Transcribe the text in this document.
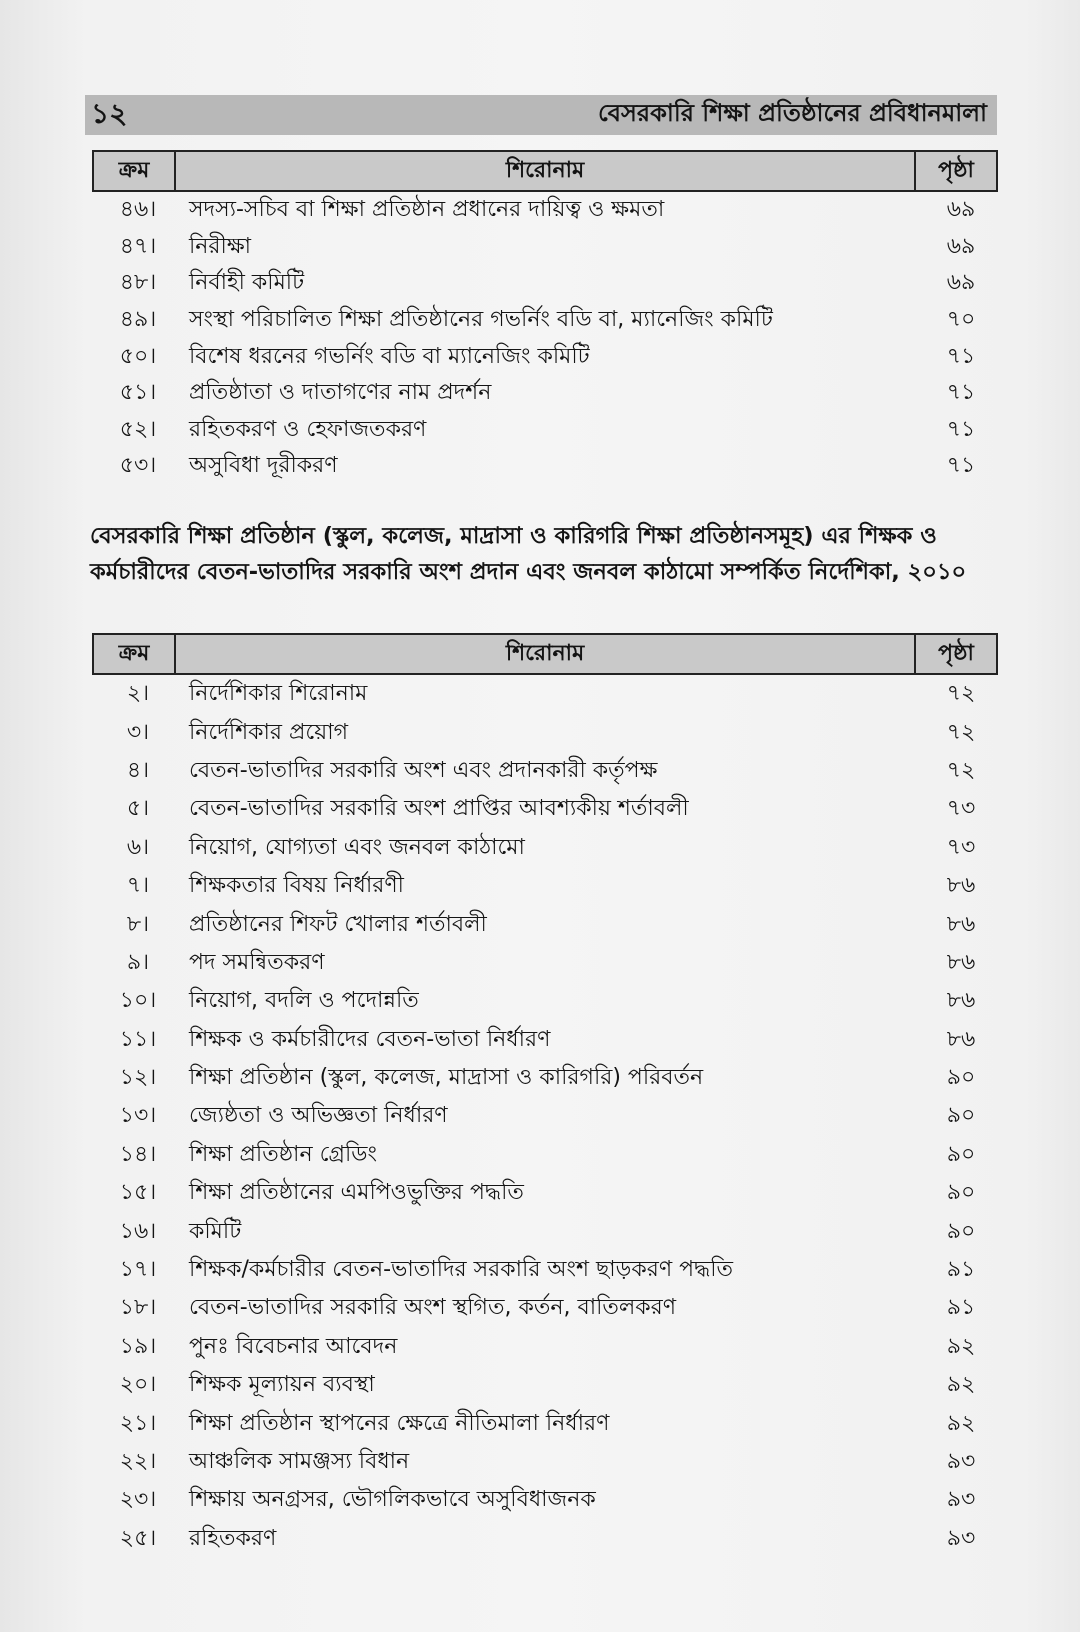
১২	বেসরকারি শিক্ষা প্রতিষ্ঠানের প্রবিধানমালা
ক্রম	শিরোনাম	পৃষ্ঠা
৪৬।	সদস্য-সচিব বা শিক্ষা প্রতিষ্ঠান প্রধানের দায়িত্ব ও ক্ষমতা	৬৯
৪৭।	নিরীক্ষা	৬৯
৪৮।	নির্বাহী কমিটি	৬৯
৪৯।	সংস্থা পরিচালিত শিক্ষা প্রতিষ্ঠানের গভর্নিং বডি বা, ম্যানেজিং কমিটি	৭০
৫০।	বিশেষ ধরনের গভর্নিং বডি বা ম্যানেজিং কমিটি	৭১
৫১।	প্রতিষ্ঠাতা ও দাতাগণের নাম প্রদর্শন	৭১
৫২।	রহিতকরণ ও হেফাজতকরণ	৭১
৫৩।	অসুবিধা দূরীকরণ	৭১

বেসরকারি শিক্ষা প্রতিষ্ঠান (স্কুল, কলেজ, মাদ্রাসা ও কারিগরি শিক্ষা প্রতিষ্ঠানসমূহ) এর শিক্ষক ও কর্মচারীদের বেতন-ভাতাদির সরকারি অংশ প্রদান এবং জনবল কাঠামো সম্পর্কিত নির্দেশিকা, ২০১০

ক্রম	শিরোনাম	পৃষ্ঠা
২।	নির্দেশিকার শিরোনাম	৭২
৩।	নির্দেশিকার প্রয়োগ	৭২
৪।	বেতন-ভাতাদির সরকারি অংশ এবং প্রদানকারী কর্তৃপক্ষ	৭২
৫।	বেতন-ভাতাদির সরকারি অংশ প্রাপ্তির আবশ্যকীয় শর্তাবলী	৭৩
৬।	নিয়োগ, যোগ্যতা এবং জনবল কাঠামো	৭৩
৭।	শিক্ষকতার বিষয় নির্ধারণী	৮৬
৮।	প্রতিষ্ঠানের শিফট খোলার শর্তাবলী	৮৬
৯।	পদ সমন্বিতকরণ	৮৬
১০।	নিয়োগ, বদলি ও পদোন্নতি	৮৬
১১।	শিক্ষক ও কর্মচারীদের বেতন-ভাতা নির্ধারণ	৮৬
১২।	শিক্ষা প্রতিষ্ঠান (স্কুল, কলেজ, মাদ্রাসা ও কারিগরি) পরিবর্তন	৯০
১৩।	জ্যেষ্ঠতা ও অভিজ্ঞতা নির্ধারণ	৯০
১৪।	শিক্ষা প্রতিষ্ঠান গ্রেডিং	৯০
১৫।	শিক্ষা প্রতিষ্ঠানের এমপিওভুক্তির পদ্ধতি	৯০
১৬।	কমিটি	৯০
১৭।	শিক্ষক/কর্মচারীর বেতন-ভাতাদির সরকারি অংশ ছাড়করণ পদ্ধতি	৯১
১৮।	বেতন-ভাতাদির সরকারি অংশ স্থগিত, কর্তন, বাতিলকরণ	৯১
১৯।	পুনঃ বিবেচনার আবেদন	৯২
২০।	শিক্ষক মূল্যায়ন ব্যবস্থা	৯২
২১।	শিক্ষা প্রতিষ্ঠান স্থাপনের ক্ষেত্রে নীতিমালা নির্ধারণ	৯২
২২।	আঞ্চলিক সামঞ্জস্য বিধান	৯৩
২৩।	শিক্ষায় অনগ্রসর, ভৌগলিকভাবে অসুবিধাজনক	৯৩
২৫।	রহিতকরণ	৯৩
